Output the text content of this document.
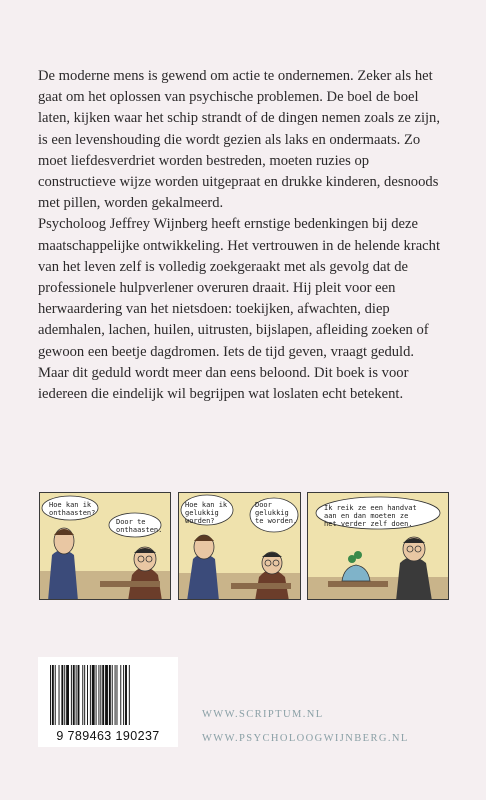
De moderne mens is gewend om actie te ondernemen. Zeker als het gaat om het oplossen van psychische problemen. De boel de boel laten, kijken waar het schip strandt of de dingen nemen zoals ze zijn, is een levenshouding die wordt gezien als laks en ondermaats. Zo moet liefdesverdriet worden bestreden, moeten ruzies op constructieve wijze worden uitgepraat en drukke kinderen, desnoods met pillen, worden gekalmeerd.

Psycholoog Jeffrey Wijnberg heeft ernstige bedenkingen bij deze maatschappelijke ontwikkeling. Het vertrouwen in de helende kracht van het leven zelf is volledig zoekgeraakt met als gevolg dat de professionele hulpverlener overuren draait. Hij pleit voor een herwaardering van het nietsdoen: toekijken, afwachten, diep ademhalen, lachen, huilen, uitrusten, bijslapen, afleiding zoeken of gewoon een beetje dagdromen. Iets de tijd geven, vraagt geduld. Maar dit geduld wordt meer dan eens beloond. Dit boek is voor iedereen die eindelijk wil begrijpen wat loslaten echt betekent.

Hoe kan ik
onthaasten?
Door te
onthaasten.
Hoe kan ik
gelukkig
worden?
Door
gelukkig
te worden.
Ik reik ze een handvat
aan en dan moeten ze
het verder zelf doen.
9 789463 190237
WWW.SCRIPTUM.NL
WWW.PSYCHOLOOGWIJNBERG.NL
